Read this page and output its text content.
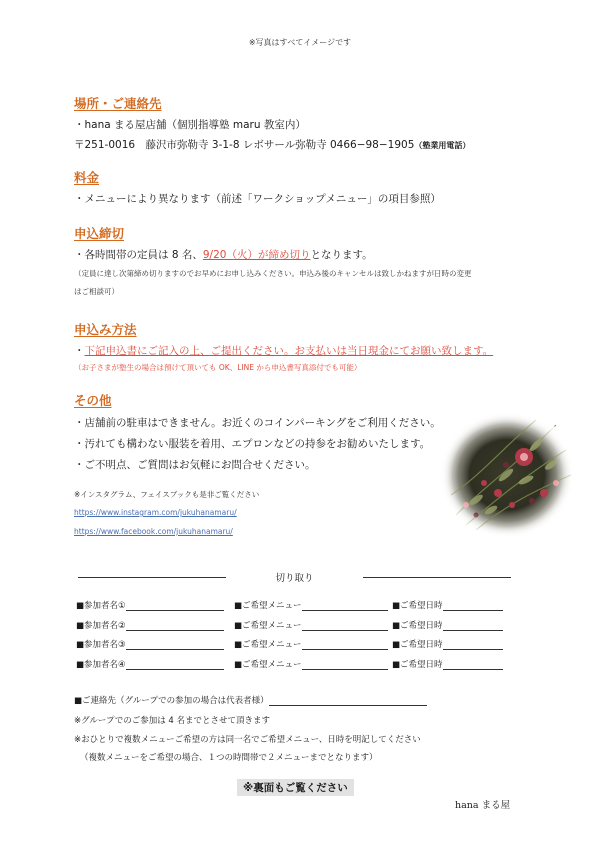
※写真はすべてイメージです
場所・ご連絡先
・hana まる屋店舗（個別指導塾 maru 教室内）
〒251-0016　藤沢市弥勒寺 3-1-8 レボサール弥勒寺 0466−98−1905（塾業用電話）
料金
・メニューにより異なります（前述「ワークショップメニュー」の項目参照）
申込締切
・各時間帯の定員は 8 名、9/20（火）が締め切りとなります。
（定員に達し次第締め切りますのでお早めにお申し込みください。申込み後のキャンセルは致しかねますが日時の変更
はご相談可）
申込み方法
・下記申込書にご記入の上、ご提出ください。お支払いは当日現金にてお願い致します。
（お子さまが塾生の場合は預けて頂いても OK、LINE から申込書写真添付でも可能）
その他
・店舗前の駐車はできません。お近くのコインパーキングをご利用ください。
・汚れても構わない服装を着用、エプロンなどの持参をお勧めいたします。
・ご不明点、ご質問はお気軽にお問合せください。
※インスタグラム、フェイスブックも是非ご覧ください
https://www.instagram.com/jukuhanamaru/
https://www.facebook.com/jukuhanamaru/
切り取り
■参加者名①	■ご希望メニュー	■ご希望日時
■参加者名②	■ご希望メニュー	■ご希望日時
■参加者名③	■ご希望メニュー	■ご希望日時
■参加者名④	■ご希望メニュー	■ご希望日時
■ご連絡先（グループでの参加の場合は代表者様）
※グループでのご参加は 4 名までとさせて頂きます
※おひとりで複数メニューご希望の方は同一名でご希望メニュー、日時を明記してください
（複数メニューをご希望の場合、１つの時間帯で２メニューまでとなります）
※裏面もご覧ください
hana まる屋
